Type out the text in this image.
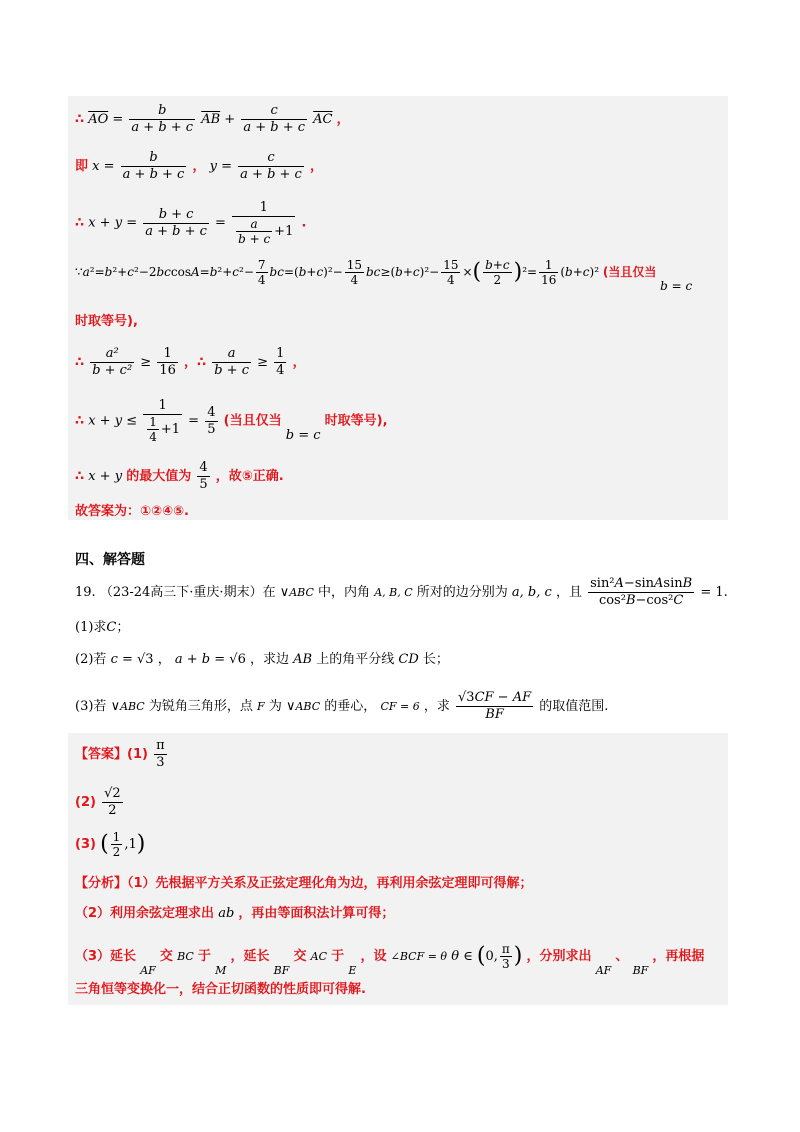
∴ $\overline{AO} = \frac{b}{a + b + c} \overline{AB} + \frac{c}{a + b + c} \overline{AC}$ ，
即 $x = \frac{b}{a + b + c}$ ， $y = \frac{c}{a + b + c}$ ，
∴ $x + y = \frac{b + c}{a + b + c} = \frac{1}{\frac{a}{b + c} +1}$ .
∵a²=b²+c²−2bccosA=b²+c²− $\frac{7}{4} bc=(b+c)^2- \frac{15}{4} bc\ge(b+c)^2- \frac{15}{4}$ ×( $\frac{b+c}{2} )^2= \frac{1}{16} (b+c)^2$ (当且仅当 b = c
时取等号),
∴ $\frac{\text{a²}}{\text{b + c²}} \ge \frac{1}{16}$ ，∴ $\frac{a}{b + c} \ge \frac{1}{4}$ ，
∴ $x + y \le \frac{1}{\frac{1}{4} +1} = \frac{4}{5}$ (当且仅当 b = c 时取等号),
∴ x + y 的最大值为 $\frac{4}{5}$ ，故⑤正确.
故答案为：①②④⑤.
四、解答题
19. （23-24高三下·重庆·期末）在 ∨ABC 中，内角 A, B, C 所对的边分别为 a, b, c ，且 $\frac{\text{sin²A−sinAsinB}}{\text{cos²B−cos²C}} = 1$.
(1)求C；
(2)若 c = √3 ， a + b = √6 ，求边 AB 上的角平分线 CD 长；
(3)若 ∨ABC 为锐角三角形，点 F 为 ∨ABC 的垂心， CF = 6 ，求 $\frac{√3CF - AF}{BF}$ 的取值范围.
【答案】$(1) \frac{\pi}{3}$
$(2) \frac{√2}{2}$
(3) ( $\frac{1}{2} ,1$)
【分析】（1）先根据平方关系及正弦定理化角为边，再利用余弦定理即可得解；
（2）利用余弦定理求出 ab ，再由等面积法计算可得；
（3）延长 $_{AF}$ 交 BC 于 $_M$ ，延长 $_{BF}$ 交 AC 于 $_E$ ，设 ∠BCF = θ θ ∈ (0, $\frac{\pi}{3}$ ) ，分别求出 $_{AF}$ 、 $_{BF}$ ，再根据
三角恒等变换化一，结合正切函数的性质即可得解.
